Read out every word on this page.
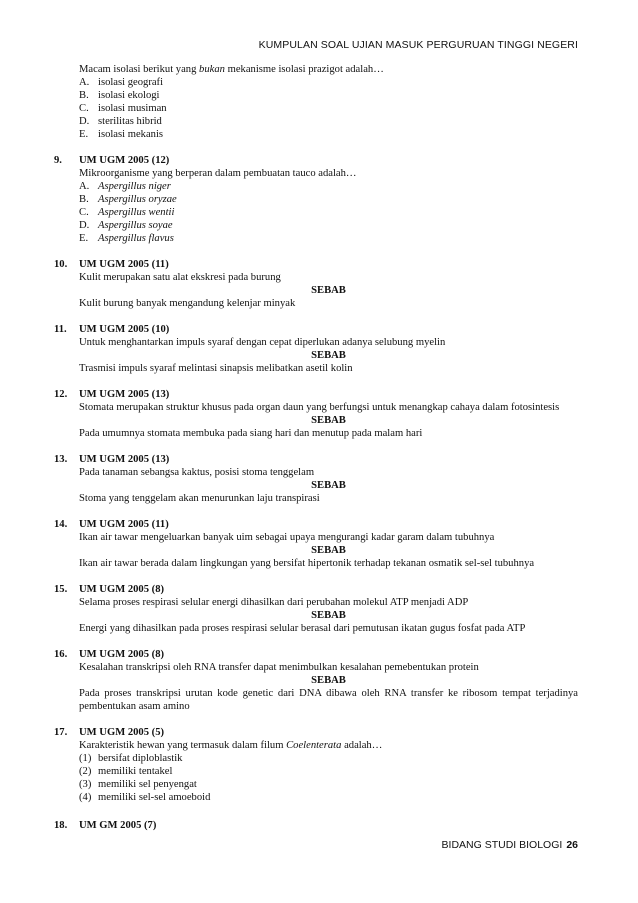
KUMPULAN SOAL UJIAN MASUK PERGURUAN TINGGI NEGERI
Macam isolasi berikut yang bukan mekanisme isolasi prazigot adalah…
A. isolasi geografi
B. isolasi ekologi
C. isolasi musiman
D. sterilitas hibrid
E. isolasi mekanis
9. UM UGM 2005 (12)
Mikroorganisme yang berperan dalam pembuatan tauco adalah…
A. Aspergillus niger
B. Aspergillus oryzae
C. Aspergillus wentii
D. Aspergillus soyae
E. Aspergillus flavus
10. UM UGM 2005 (11)
Kulit merupakan satu alat ekskresi pada burung
SEBAB
Kulit burung banyak mengandung kelenjar minyak
11. UM UGM 2005 (10)
Untuk menghantarkan impuls syaraf dengan cepat diperlukan adanya selubung myelin
SEBAB
Trasmisi impuls syaraf melintasi sinapsis melibatkan asetil kolin
12. UM UGM 2005 (13)
Stomata merupakan struktur khusus pada organ daun yang berfungsi untuk menangkap cahaya dalam fotosintesis
SEBAB
Pada umumnya stomata membuka pada siang hari dan menutup pada malam hari
13. UM UGM 2005 (13)
Pada tanaman sebangsa kaktus, posisi stoma tenggelam
SEBAB
Stoma yang tenggelam akan menurunkan laju transpirasi
14. UM UGM 2005 (11)
Ikan air tawar mengeluarkan banyak uim sebagai upaya mengurangi kadar garam dalam tubuhnya
SEBAB
Ikan air tawar berada dalam lingkungan yang bersifat hipertonik terhadap tekanan osmatik sel-sel tubuhnya
15. UM UGM 2005 (8)
Selama proses respirasi selular energi dihasilkan dari perubahan molekul ATP menjadi ADP
SEBAB
Energi yang dihasilkan pada proses respirasi selular berasal dari pemutusan ikatan gugus fosfat pada ATP
16. UM UGM 2005 (8)
Kesalahan transkripsi oleh RNA transfer dapat menimbulkan kesalahan pemebentukan protein
SEBAB
Pada proses transkripsi urutan kode genetic dari DNA dibawa oleh RNA transfer ke ribosom tempat terjadinya pembentukan asam amino
17. UM UGM 2005 (5)
Karakteristik hewan yang termasuk dalam filum Coelenterata adalah…
(1) bersifat diploblastik
(2) memiliki tentakel
(3) memiliki sel penyengat
(4) memiliki sel-sel amoeboid
18. UM GM 2005 (7)
BIDANG STUDI BIOLOGI 26
